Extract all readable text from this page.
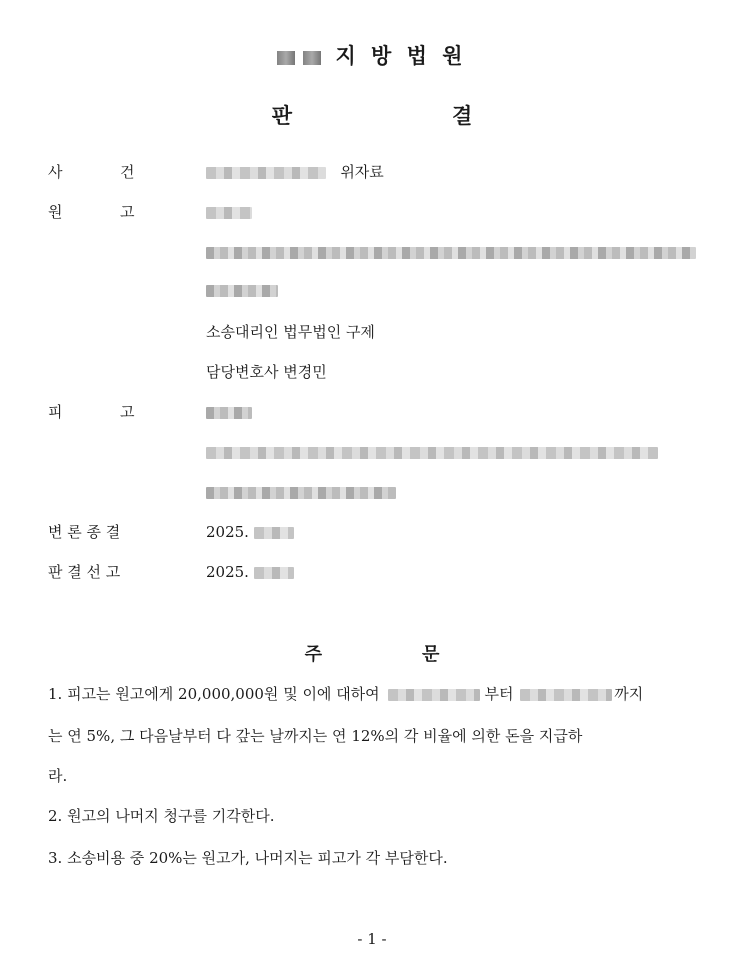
지 방 법 원
판	결
사	건	위자료
원	고
소송대리인 법무법인 구제
담당변호사 변경민
피	고
변 론 종 결	2025.
판 결 선 고	2025.
주	문
1. 피고는 원고에게 20,000,000원 및 이에 대하여	부터	까지
는 연 5%, 그 다음날부터 다 갚는 날까지는 연 12%의 각 비율에 의한 돈을 지급하
라.
2. 원고의 나머지 청구를 기각한다.
3. 소송비용 중 20%는 원고가, 나머지는 피고가 각 부담한다.
- 1 -
